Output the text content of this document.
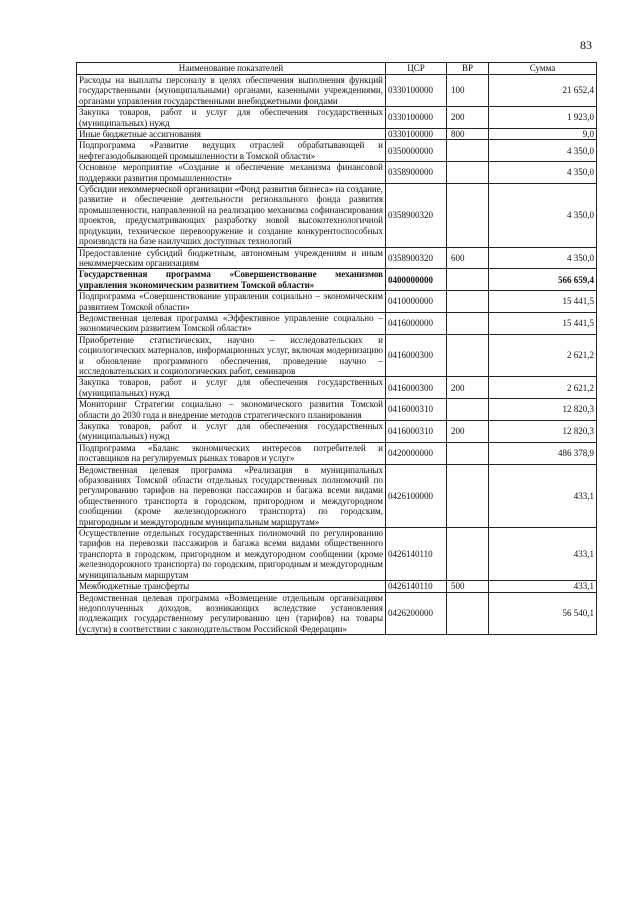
83
Наименование показателей	ЦСР	ВР	Сумма
Расходы на выплаты персоналу в целях обеспечения выполнения функций государственными (муниципальными) органами, казенными учреждениями, органами управления государственными внебюджетными фондами	0330100000	100	21 652,4
Закупка товаров, работ и услуг для обеспечения государственных (муниципальных) нужд	0330100000	200	1 923,0
Иные бюджетные ассигнования	0330100000	800	9,0
Подпрограмма «Развитие ведущих отраслей обрабатывающей и нефтегазодобывающей промышленности в Томской области»	0350000000		4 350,0
Основное мероприятие «Создание и обеспечение механизма финансовой поддержки развития промышленности»	0358900000		4 350,0
Субсидии некоммерческой организации «Фонд развития бизнеса» на создание, развитие и обеспечение деятельности регионального фонда развития промышленности, направленной на реализацию механизма софинансирования проектов, предусматривающих разработку новой высокотехнологичной продукции, техническое перевооружение и создание конкурентоспособных производств на базе наилучших доступных технологий	0358900320		4 350,0
Предоставление субсидий бюджетным, автономным учреждениям и иным некоммерческим организациям	0358900320	600	4 350,0
Государственная программа «Совершенствование механизмов управления экономическим развитием Томской области»	0400000000		566 659,4
Подпрограмма «Совершенствование управления социально – экономическим развитием Томской области»	0410000000		15 441,5
Ведомственная целевая программа «Эффективное управление социально – экономическим развитием Томской области»	0416000000		15 441,5
Приобретение статистических, научно – исследовательских и социологических материалов, информационных услуг, включая модернизацию и обновление программного обеспечения, проведение научно – исследовательских и социологических работ, семинаров	0416000300		2 621,2
Закупка товаров, работ и услуг для обеспечения государственных (муниципальных) нужд	0416000300	200	2 621,2
Мониторинг Стратегии социально – экономического развития Томской области до 2030 года и внедрение методов стратегического планирования	0416000310		12 820,3
Закупка товаров, работ и услуг для обеспечения государственных (муниципальных) нужд	0416000310	200	12 820,3
Подпрограмма «Баланс экономических интересов потребителей и поставщиков на регулируемых рынках товаров и услуг»	0420000000		486 378,9
Ведомственная целевая программа «Реализация в муниципальных образованиях Томской области отдельных государственных полномочий по регулированию тарифов на перевозки пассажиров и багажа всеми видами общественного транспорта в городском, пригородном и междугородном сообщении (кроме железнодорожного транспорта) по городским, пригородным и междугородным муниципальным маршрутам»	0426100000		433,1
Осуществление отдельных государственных полномочий по регулированию тарифов на перевозки пассажиров и багажа всеми видами общественного транспорта в городском, пригородном и междугородном сообщении (кроме железнодорожного транспорта) по городским, пригородным и междугородным муниципальным маршрутам	0426140110		433,1
Межбюджетные трансферты	0426140110	500	433,1
Ведомственная целевая программа «Возмещение отдельным организациям недополученных доходов, возникающих вследствие установления подлежащих государственному регулированию цен (тарифов) на товары (услуги) в соответствии с законодательством Российской Федерации»	0426200000		56 540,1
